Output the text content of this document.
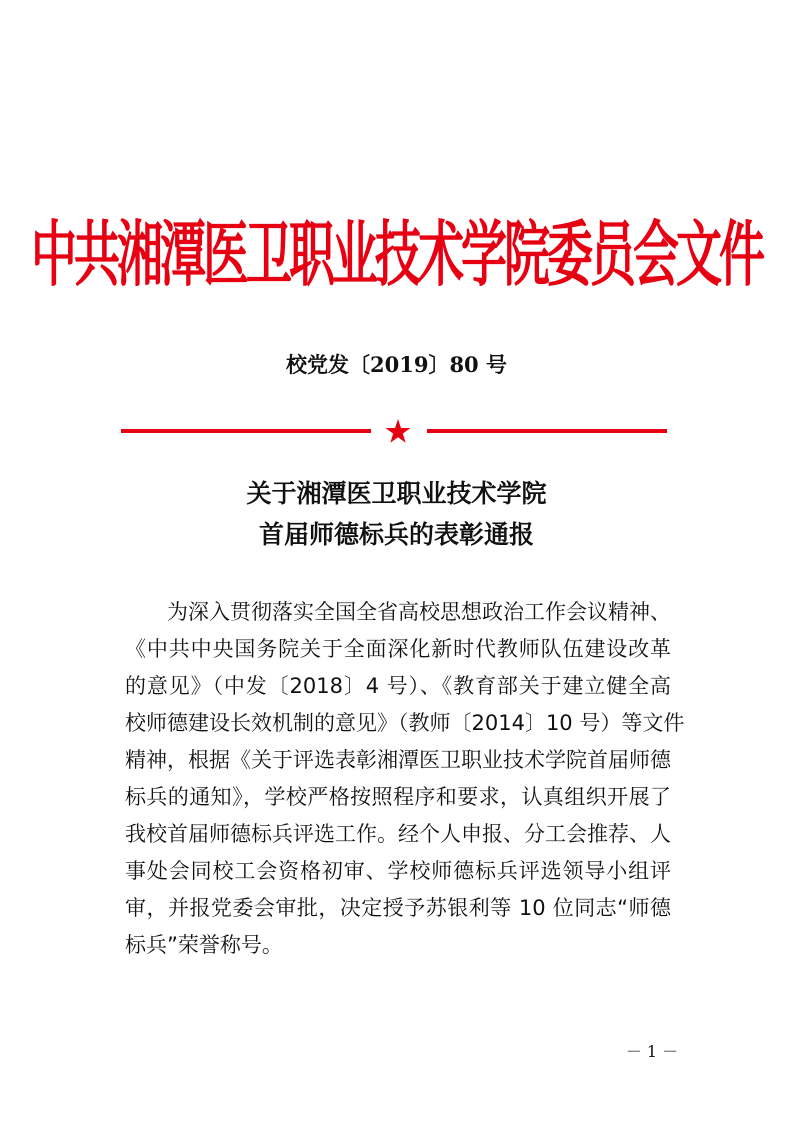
中共湘潭医卫职业技术学院委员会文件
校党发〔2019〕80 号
关于湘潭医卫职业技术学院
首届师德标兵的表彰通报
为深入贯彻落实全国全省高校思想政治工作会议精神、
《中共中央国务院关于全面深化新时代教师队伍建设改革
的意见》（中发〔2018〕4 号）、《教育部关于建立健全高
校师德建设长效机制的意见》（教师〔2014〕10 号）等文件
精神，根据《关于评选表彰湘潭医卫职业技术学院首届师德
标兵的通知》，学校严格按照程序和要求，认真组织开展了
我校首届师德标兵评选工作。经个人申报、分工会推荐、人
事处会同校工会资格初审、学校师德标兵评选领导小组评
审，并报党委会审批，决定授予苏银利等 10 位同志“师德
标兵”荣誉称号。
－ 1 －
